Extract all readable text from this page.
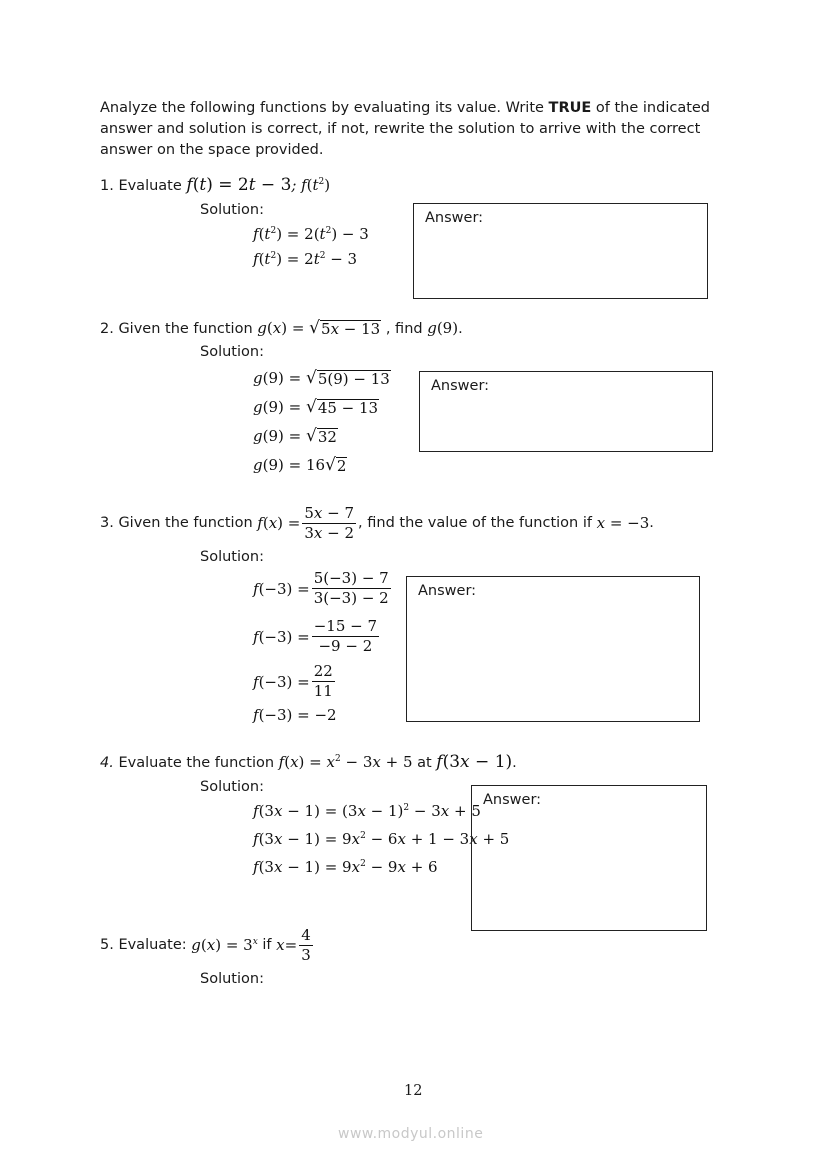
Analyze the following functions by evaluating its value. Write TRUE of the indicated answer and solution is correct, if not, rewrite the solution to arrive with the correct answer on the space provided.
1. Evaluate f(t) = 2t − 3; $f(t^2)$
Solution:
$f(t^2) = 2(t^2) - 3$
$f(t^2) = 2t^2 - 3$
Answer:
2. Given the function g(x) = √ 5x − 13 , find g(9).
Solution:
g(9) = √ 5(9) − 13
g(9) = √ 45 − 13
g(9) = √ 32
g(9) = 16 √ 2
Answer:
3. Given the function
f ( x ) = $\frac{5x - 7}{3x - 2}$ , find the value of the function if
x = −3 .
Solution:
f $(-3) = \frac{5(-3) - 7}{3(-3) - 2}$
f $(-3) = \frac{-15 - 7}{-9 - 2}$
f $(-3) = \frac{22}{11}$
f(−3) = −2
Answer:
4. Evaluate the function $f(x) = x^2 - 3x + 5$ at f(3x − 1).
Solution:
$f(3x - 1) = (3x - 1)^2 - 3x + 5$
$f(3x - 1) = 9x^2 - 6x + 1 - 3x + 5$
$f(3x - 1) = 9x^2 - 9x + 6$
Answer:
5. Evaluate:
$g(x) = 3^x$
if
$x = \frac{4}{3}$
Solution:
12
www.modyul.online
